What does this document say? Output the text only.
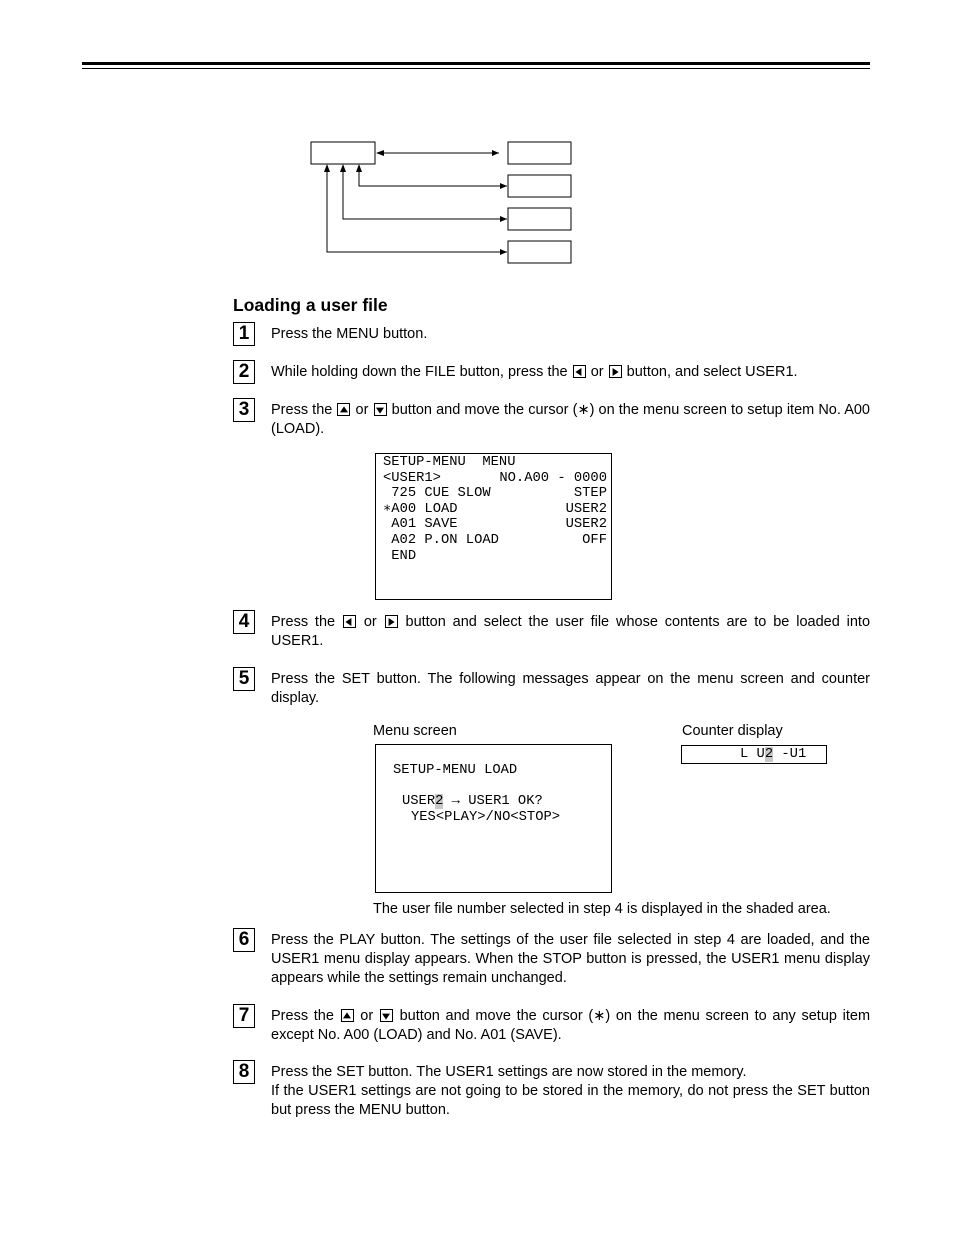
Loading a user file
1	Press the MENU button.
2	While holding down the FILE button, press the  or button, and select USER1.
3	Press the  or button and move the cursor (∗) on the menu screen to setup item No. A00 (LOAD).
SETUP-MENU  MENU
<USER1>	NO.A00 - 0000
725 CUE SLOW	STEP
∗A00 LOAD	USER2
A01 SAVE	USER2
A02 P.ON LOAD	OFF
END
4	Press the  or button and select the user file whose contents are to be loaded into USER1.
5	Press the SET button. The following messages appear on the menu screen and counter display.
Menu screen	Counter display
SETUP-MENU LOAD
USER2 → USER1 OK?
YES<PLAY>/NO<STOP>
L U2 -U1
The user file number selected in step 4 is displayed in the shaded area.
6	Press the PLAY button. The settings of the user file selected in step 4 are loaded, and the USER1 menu display appears. When the STOP button is pressed, the USER1 menu display appears while the settings remain unchanged.
7	Press the  or button and move the cursor (∗) on the menu screen to any setup item except No. A00 (LOAD) and No. A01 (SAVE).
8	Press the SET button. The USER1 settings are now stored in the memory.
If the USER1 settings are not going to be stored in the memory, do not press the SET button but press the MENU button.
